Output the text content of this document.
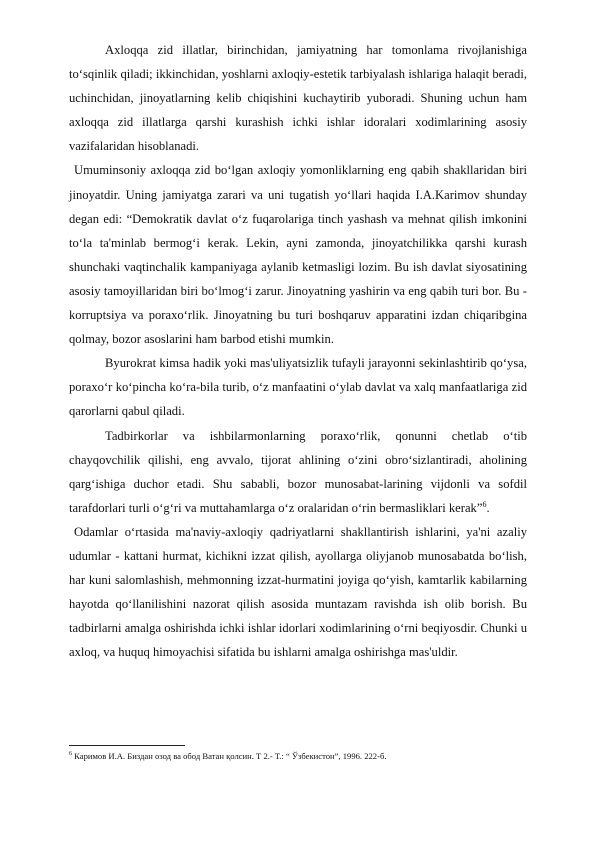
Axloqqa zid illatlar, birinchidan, jamiyatning har tomonlama rivojlanishiga to‘sqinlik qiladi; ikkinchidan, yoshlarni axloqiy-estetik tarbiyalash ishlariga halaqit beradi, uchinchidan, jinoyatlarning kelib chiqishini kuchaytirib yuboradi. Shuning uchun ham axloqqa zid illatlarga qarshi kurashish ichki ishlar idoralari xodimlarining asosiy vazifalaridan hisoblanadi.

Umuminsoniy axloqqa zid bo‘lgan axloqiy yomonliklarning eng qabih shakllaridan biri jinoyatdir. Uning jamiyatga zarari va uni tugatish yo‘llari haqida I.A.Karimov shunday degan edi: “Demokratik davlat o‘z fuqarolariga tinch yashash va mehnat qilish imkonini to‘la ta'minlab bermog‘i kerak. Lekin, ayni zamonda, jinoyatchilikka qarshi kurash shunchaki vaqtinchalik kampaniyaga aylanib ketmasligi lozim. Bu ish davlat siyosatining asosiy tamoyillaridan biri bo‘lmog‘i zarur. Jinoyatning yashirin va eng qabih turi bor. Bu - korruptsiya va poraxo‘rlik. Jinoyatning bu turi boshqaruv apparatini izdan chiqaribgina qolmay, bozor asoslarini ham barbod etishi mumkin.

Byurokrat kimsa hadik yoki mas'uliyatsizlik tufayli jarayonni sekinlashtirib qo‘ysa, poraxo‘r ko‘pincha ko‘ra-bila turib, o‘z manfaatini o‘ylab davlat va xalq manfaatlariga zid qarorlarni qabul qiladi.

Tadbirkorlar va ishbilarmonlarning poraxo‘rlik, qonunni chetlab o‘tib chayqovchilik qilishi, eng avvalo, tijorat ahlining o‘zini obro‘sizlantiradi, aholining qarg‘ishiga duchor etadi. Shu sababli, bozor munosabat-larining vijdonli va sofdil tarafdorlari turli o‘g‘ri va muttahamlarga o‘z oralaridan o‘rin bermasliklari kerak”$^6$.

Odamlar o‘rtasida ma'naviy-axloqiy qadriyatlarni shakllantirish ishlarini, ya'ni azaliy udumlar - kattani hurmat, kichikni izzat qilish, ayollarga oliyjanob munosabatda bo‘lish, har kuni salomlashish, mehmonning izzat-hurmatini joyiga qo‘yish, kamtarlik kabilarning hayotda qo‘llanilishini nazorat qilish asosida muntazam ravishda ish olib borish. Bu tadbirlarni amalga oshirishda ichki ishlar idorlari xodimlarining o‘rni beqiyosdir. Chunki u axloq, va huquq himoyachisi sifatida bu ishlarni amalga oshirishga mas'uldir.

$^6$ Каримов И.А. Биздан озод ва обод Ватан қолсин. Т 2.- Т.: “ Ўзбекистон”, 1996. 222-б.
